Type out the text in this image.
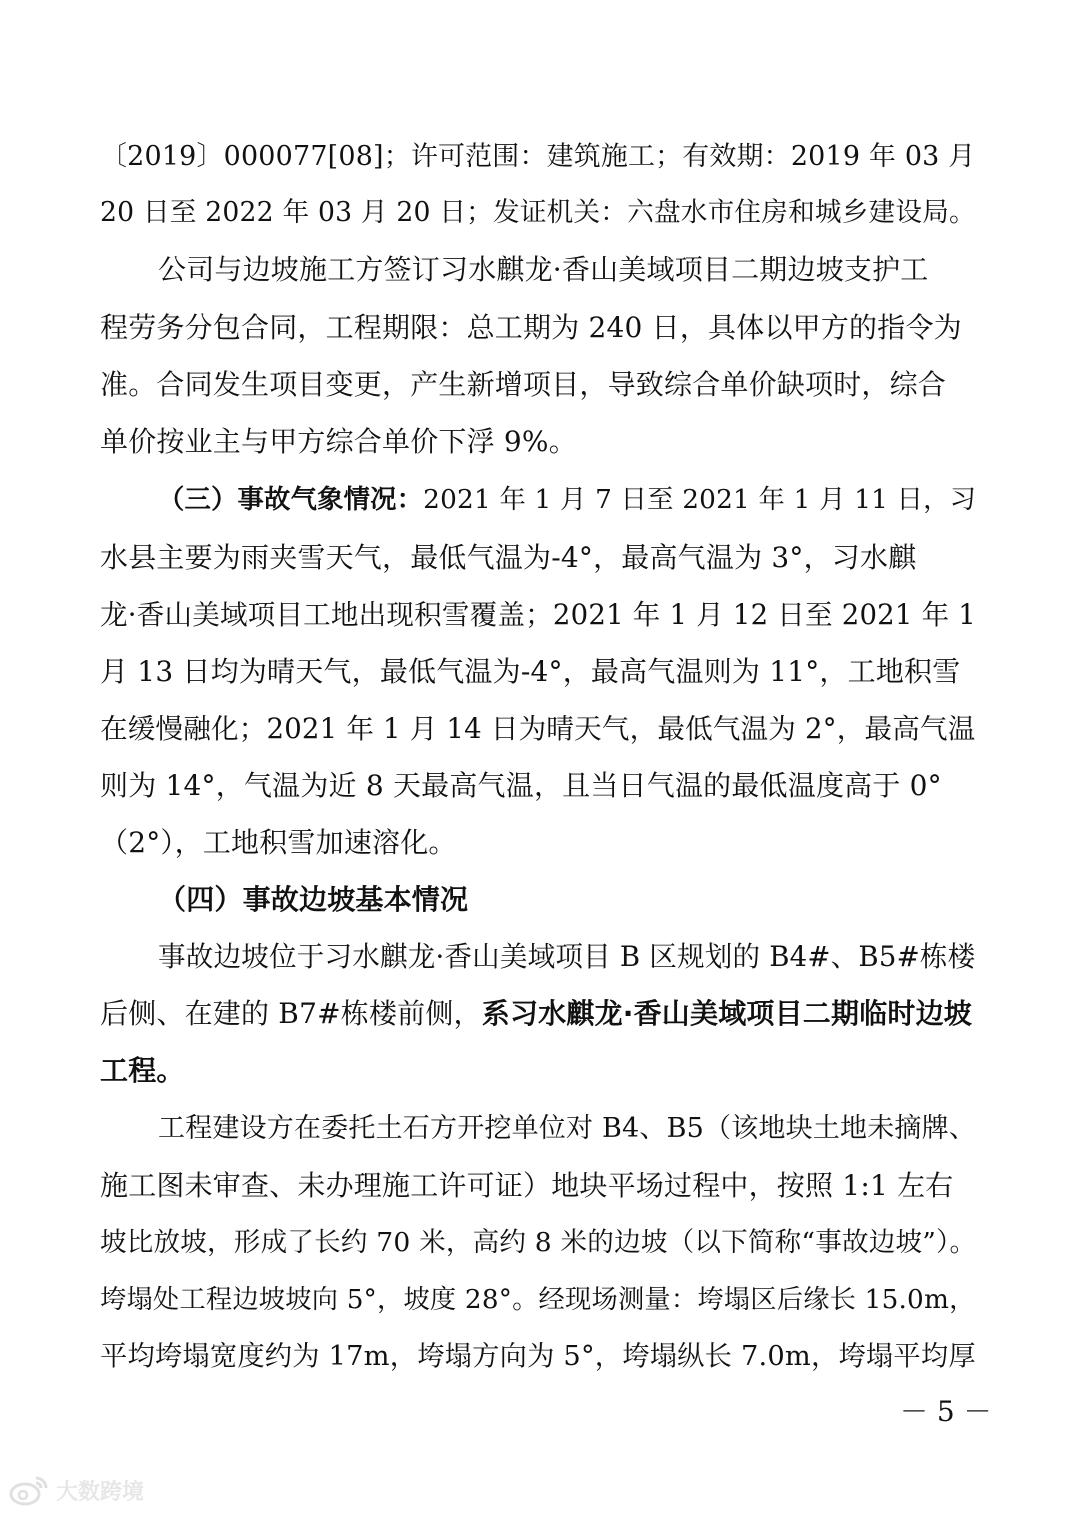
〔2019〕000077[08]；许可范围：建筑施工；有效期：2019 年 03 月
20 日至 2022 年 03 月 20 日；发证机关：六盘水市住房和城乡建设局。
公司与边坡施工方签订习水麒龙·香山美域项目二期边坡支护工
程劳务分包合同，工程期限：总工期为 240 日，具体以甲方的指令为
准。合同发生项目变更，产生新增项目，导致综合单价缺项时，综合
单价按业主与甲方综合单价下浮 9%。
（三）事故气象情况：2021 年 1 月 7 日至 2021 年 1 月 11 日，习
水县主要为雨夹雪天气，最低气温为-4°，最高气温为 3°，习水麒
龙·香山美域项目工地出现积雪覆盖；2021 年 1 月 12 日至 2021 年 1
月 13 日均为晴天气，最低气温为-4°，最高气温则为 11°，工地积雪
在缓慢融化；2021 年 1 月 14 日为晴天气，最低气温为 2°，最高气温
则为 14°，气温为近 8 天最高气温，且当日气温的最低温度高于 0°
（2°），工地积雪加速溶化。
（四）事故边坡基本情况
事故边坡位于习水麒龙·香山美域项目 B 区规划的 B4#、B5#栋楼
后侧、在建的 B7#栋楼前侧，系习水麒龙·香山美域项目二期临时边坡
工程。
工程建设方在委托土石方开挖单位对 B4、B5（该地块土地未摘牌、
施工图未审查、未办理施工许可证）地块平场过程中，按照 1:1 左右
坡比放坡，形成了长约 70 米，高约 8 米的边坡（以下简称“事故边坡”）。
垮塌处工程边坡坡向 5°，坡度 28°。经现场测量：垮塌区后缘长 15.0m，
平均垮塌宽度约为 17m，垮塌方向为 5°，垮塌纵长 7.0m，垮塌平均厚
－ 5 －
大数跨境
